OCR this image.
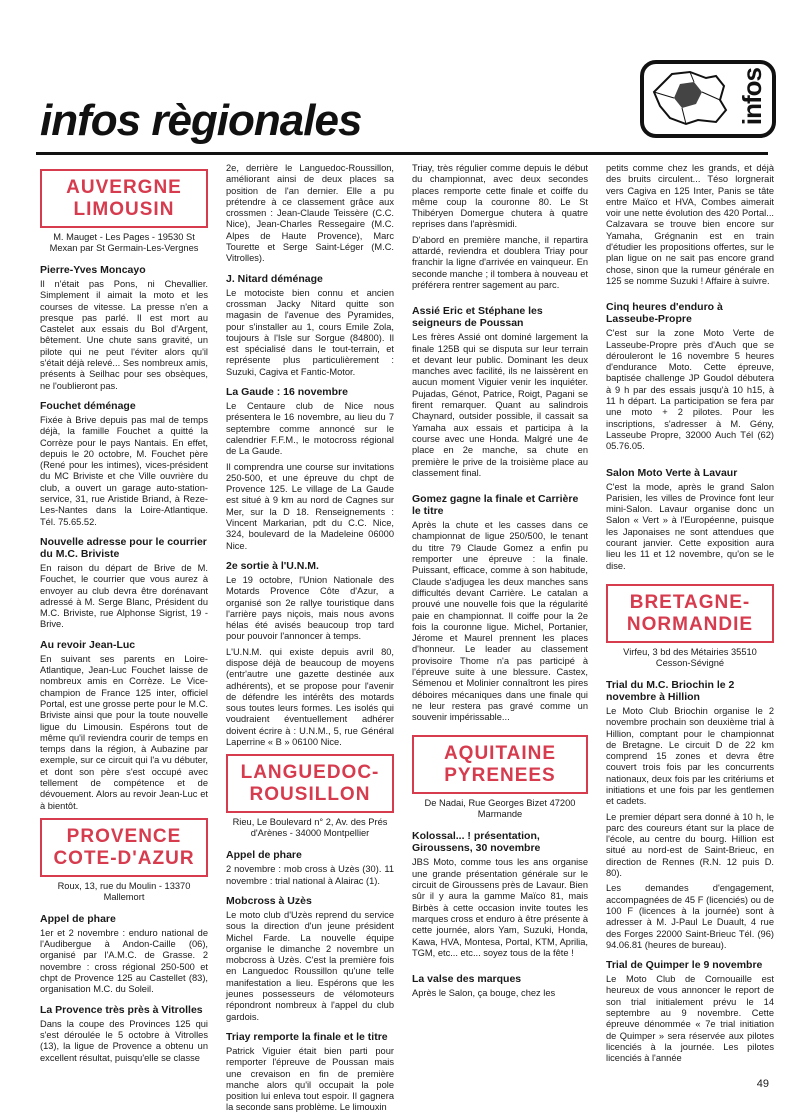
infos règionales	infos
AUVERGNE
LIMOUSIN
M. Mauget - Les Pages - 19530 St Mexan par St Germain-Les-Vergnes
Pierre-Yves Moncayo

Il n'était pas Pons, ni Chevallier. Simplement il aimait la moto et les courses de vitesse. La presse n'en a presque pas parlé. Il est mort au Castelet aux essais du Bol d'Argent, bêtement. Une chute sans gravité, un pilote qui ne peut l'éviter alors qu'il s'était déjà relevé... Ses nombreux amis, présents à Seilhac pour ses obsèques, ne l'oublieront pas.

Fouchet déménage

Fixée à Brive depuis pas mal de temps déjà, la famille Fouchet a quitté la Corrèze pour le pays Nantais. En effet, depuis le 20 octobre, M. Fouchet père (René pour les intimes), vices-président du MC Briviste et che Ville ouvrière du club, a ouvert un garage auto-station-service, 31, rue Aristide Briand, à Reze-Les-Nantes dans la Loire-Atlantique. Tél. 75.65.52.

Nouvelle adresse pour le courrier du M.C. Briviste

En raison du départ de Brive de M. Fouchet, le courrier que vous aurez à envoyer au club devra être dorénavant adressé à M. Serge Blanc, Président du M.C. Briviste, rue Alphonse Sigrist, 19 - Brive.

Au revoir Jean-Luc

En suivant ses parents en Loire-Atlantique, Jean-Luc Fouchet laisse de nombreux amis en Corrèze. Le Vice-champion de France 125 inter, officiel Portal, est une grosse perte pour le M.C. Briviste ainsi que pour la toute nouvelle ligue du Limousin. Espérons tout de même qu'il reviendra courir de temps en temps dans la région, à Aubazine par exemple, sur ce circuit qui l'a vu débuter, et dont son père s'est occupé avec tellement de compétence et de dévouement. Alors au revoir Jean-Luc et à bientôt.

PROVENCE
COTE-D'AZUR
Roux, 13, rue du Moulin - 13370 Mallemort
Appel de phare

1er et 2 novembre : enduro national de l'Audibergue à Andon-Caille (06), organisé par l'A.M.C. de Grasse. 2 novembre : cross régional 250-500 et chpt de Provence 125 au Castellet (83), organisation M.C. du Soleil.

La Provence très près à Vitrolles

Dans la coupe des Provinces 125 qui s'est déroulée le 5 octobre à Vitrolles (13), la ligue de Provence a obtenu un excellent résultat, puisqu'elle se classe

2e, derrière le Languedoc-Roussillon, améliorant ainsi de deux places sa position de l'an dernier. Elle a pu prétendre à ce classement grâce aux crossmen : Jean-Claude Teissère (C.C. Nice), Jean-Charles Ressegaire (M.C. Alpes de Haute Provence), Marc Tourette et Serge Saint-Léger (M.C. Vitrolles).

J. Nitard déménage

Le motociste bien connu et ancien crossman Jacky Nitard quitte son magasin de l'avenue des Pyramides, pour s'installer au 1, cours Emile Zola, toujours à l'Isle sur Sorgue (84800). Il est spécialisé dans le tout-terrain, et représente plus particulièrement : Suzuki, Cagiva et Fantic-Motor.

La Gaude : 16 novembre

Le Centaure club de Nice nous présentera le 16 novembre, au lieu du 7 septembre comme annoncé sur le calendrier F.F.M., le motocross régional de La Gaude.

Il comprendra une course sur invitations 250-500, et une épreuve du chpt de Provence 125. Le village de La Gaude est situé à 9 km au nord de Cagnes sur Mer, sur la D 18. Renseignements : Vincent Markarian, pdt du C.C. Nice, 324, boulevard de la Madeleine 06000 Nice.

2e sortie à l'U.N.M.

Le 19 octobre, l'Union Nationale des Motards Provence Côte d'Azur, a organisé son 2e rallye touristique dans l'arrière pays niçois, mais nous avons hélas été avisés beaucoup trop tard pour pouvoir l'annoncer à temps.

L'U.N.M. qui existe depuis avril 80, dispose déjà de beaucoup de moyens (entr'autre une gazette destinée aux adhérents), et se propose pour l'avenir de défendre les intérêts des motards sous toutes leurs formes. Les isolés qui voudraient éventuellement adhérer doivent écrire à : U.N.M., 5, rue Général Laperrine « B » 06100 Nice.

LANGUEDOC-
ROUSILLON
Rieu, Le Boulevard n° 2, Av. des Prés d'Arènes - 34000 Montpellier
Appel de phare

2 novembre : mob cross à Uzès (30). 11 novembre : trial national à Alairac (1).

Mobcross à Uzès

Le moto club d'Uzès reprend du service sous la direction d'un jeune président Michel Farde. La nouvelle équipe organise le dimanche 2 novembre un mobcross à Uzès. C'est la première fois en Languedoc Roussillon qu'une telle manifestation a lieu. Espérons que les jeunes possesseurs de vélomoteurs répondront nombreux à l'appel du club gardois.

Triay remporte la finale et le titre

Patrick Viguier était bien parti pour remporter l'épreuve de Poussan mais une crevaison en fin de première manche alors qu'il occupait la pole position lui enleva tout espoir. Il gagnera la seconde sans problème. Le limouxin

Triay, très régulier comme depuis le début du championnat, avec deux secondes places remporte cette finale et coiffe du même coup la couronne 80. Le St Thibéryen Domergue chutera à quatre reprises dans l'aprèsmidi.

D'abord en première manche, il repartira attardé, reviendra et doublera Triay pour franchir la ligne d'arrivée en vainqueur. En seconde manche ; il tombera à nouveau et préférera rentrer sagement au parc.

Assié Eric et Stéphane les seigneurs de Poussan

Les frères Assié ont dominé largement la finale 125B qui se disputa sur leur terrain et devant leur public. Dominant les deux manches avec facilité, ils ne laissèrent en aucun moment Viguier venir les inquiéter. Pujadas, Génot, Patrice, Roigt, Pagani se firent remarquer. Quant au salindrois Chaynard, outsider possible, il cassait sa Yamaha aux essais et participa à la course avec une Honda. Malgré une 4e place en 2e manche, sa chute en première le prive de la troisième place au classement final.

Gomez gagne la finale et Carrière le titre

Après la chute et les casses dans ce championnat de ligue 250/500, le tenant du titre 79 Claude Gomez a enfin pu remporter une épreuve : la finale. Puissant, efficace, comme à son habitude, Claude s'adjugea les deux manches sans difficultés devant Carrière. Le catalan a prouvé une nouvelle fois que la régularité paie en championnat. Il coiffe pour la 2e fois la couronne ligue. Michel, Portanier, Jérome et Maurel prennent les places d'honneur. Le leader au classement provisoire Thome n'a pas participé à l'épreuve suite à une blessure. Castex, Sémenou et Molinier connaîtront les pires déboires mécaniques dans une finale qui ne leur restera pas gravé comme un souvenir impérissable...

AQUITAINE
PYRENEES
De Nadai, Rue Georges Bizet 47200 Marmande
Kolossal... ! présentation, Giroussens, 30 novembre

JBS Moto, comme tous les ans organise une grande présentation générale sur le circuit de Giroussens près de Lavaur. Bien sûr il y aura la gamme Maïco 81, mais Birbès à cette occasion invite toutes les marques cross et enduro à être présente à cette journée, alors Yam, Suzuki, Honda, Kawa, HVA, Montesa, Portal, KTM, Aprilia, TGM, etc... etc... soyez tous de la fête !

La valse des marques

Après le Salon, ça bouge, chez les

petits comme chez les grands, et déjà des bruits circulent... Téso lorgnerait vers Cagiva en 125 Inter, Panis se tâte entre Maïco et HVA, Combes aimerait voir une nette évolution des 420 Portal... Calzavara se trouve bien encore sur Yamaha, Grégnanin est en train d'étudier les propositions offertes, sur le plan ligue on ne sait pas encore grand chose, sinon que la rumeur générale en 125 se nomme Suzuki ! Affaire à suivre.

Cinq heures d'enduro à Lasseube-Propre

C'est sur la zone Moto Verte de Lasseube-Propre près d'Auch que se dérouleront le 16 novembre 5 heures d'endurance Moto. Cette épreuve, baptisée challenge JP Goudol débutera à 9 h par des essais jusqu'à 10 h15, à 11 h départ. La participation se fera par une moto + 2 pilotes. Pour les inscriptions, s'adresser à M. Gény, Lasseube Propre, 32000 Auch Tél (62) 05.76.05.

Salon Moto Verte à Lavaur

C'est la mode, après le grand Salon Parisien, les villes de Province font leur mini-Salon. Lavaur organise donc un Salon « Vert » à l'Européenne, puisque les Japonaises ne sont attendues que courant janvier. Cette exposition aura lieu les 11 et 12 novembre, qu'on se le dise.

BRETAGNE-
NORMANDIE
Virfeu, 3 bd des Métairies 35510 Cesson-Sévigné
Trial du M.C. Briochin le 2 novembre à Hillion

Le Moto Club Briochin organise le 2 novembre prochain son deuxième trial à Hillion, comptant pour le championnat de Bretagne. Le circuit D de 22 km comprend 15 zones et devra être couvert trois fois par les concurrents nationaux, deux fois par les critériums et initiations et une fois par les gentlemen et cadets.

Le premier départ sera donné à 10 h, le parc des coureurs étant sur la place de l'école, au centre du bourg. Hillion est situé au nord-est de Saint-Brieuc, en direction de Rennes (R.N. 12 puis D. 80).

Les demandes d'engagement, accompagnées de 45 F (licenciés) ou de 100 F (licences à la journée) sont à adresser à M. J-Paul Le Duault, 4 rue des Forges 22000 Saint-Brieuc Tél. (96) 94.06.81 (heures de bureau).

Trial de Quimper le 9 novembre

Le Moto Club de Cornouaille est heureux de vous annoncer le report de son trial initialement prévu le 14 septembre au 9 novembre. Cette épreuve dénommée « 7e trial initiation de Quimper » sera réservée aux pilotes licenciés à la journée. Les pilotes licenciés à l'année

49
